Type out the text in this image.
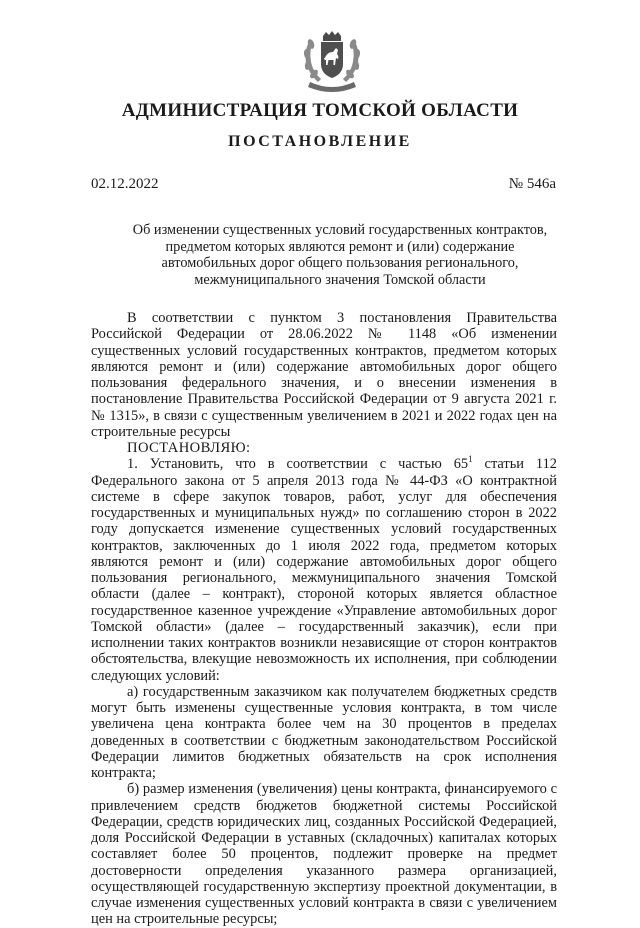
АДМИНИСТРАЦИЯ ТОМСКОЙ ОБЛАСТИ
ПОСТАНОВЛЕНИЕ
02.12.2022	№ 546а
Об изменении существенных условий государственных контрактов,
предметом которых являются ремонт и (или) содержание
автомобильных дорог общего пользования регионального,
межмуниципального значения Томской области

В соответствии с пунктом 3 постановления Правительства Российской Федерации от 28.06.2022 № 1148 «Об изменении существенных условий государственных контрактов, предметом которых являются ремонт и (или) содержание автомобильных дорог общего пользования федерального значения, и о внесении изменения в постановление Правительства Российской Федерации от 9 августа 2021 г. № 1315», в связи с существенным увеличением в 2021 и 2022 годах цен на строительные ресурсы

ПОСТАНОВЛЯЮ:

1. Установить, что в соответствии с частью $65^1$ статьи 112 Федерального закона от 5 апреля 2013 года № 44-ФЗ «О контрактной системе в сфере закупок товаров, работ, услуг для обеспечения государственных и муниципальных нужд» по соглашению сторон в 2022 году допускается изменение существенных условий государственных контрактов, заключенных до 1 июля 2022 года, предметом которых являются ремонт и (или) содержание автомобильных дорог общего пользования регионального, межмуниципального значения Томской области (далее – контракт), стороной которых является областное государственное казенное учреждение «Управление автомобильных дорог Томской области» (далее – государственный заказчик), если при исполнении таких контрактов возникли независящие от сторон контрактов обстоятельства, влекущие невозможность их исполнения, при соблюдении следующих условий:

а) государственным заказчиком как получателем бюджетных средств могут быть изменены существенные условия контракта, в том числе увеличена цена контракта более чем на 30 процентов в пределах доведенных в соответствии с бюджетным законодательством Российской Федерации лимитов бюджетных обязательств на срок исполнения контракта;

б) размер изменения (увеличения) цены контракта, финансируемого с привлечением средств бюджетов бюджетной системы Российской Федерации, средств юридических лиц, созданных Российской Федерацией, доля Российской Федерации в уставных (складочных) капиталах которых составляет более 50 процентов, подлежит проверке на предмет достоверности определения указанного размера организацией, осуществляющей государственную экспертизу проектной документации, в случае изменения существенных условий контракта в связи с увеличением цен на строительные ресурсы;
